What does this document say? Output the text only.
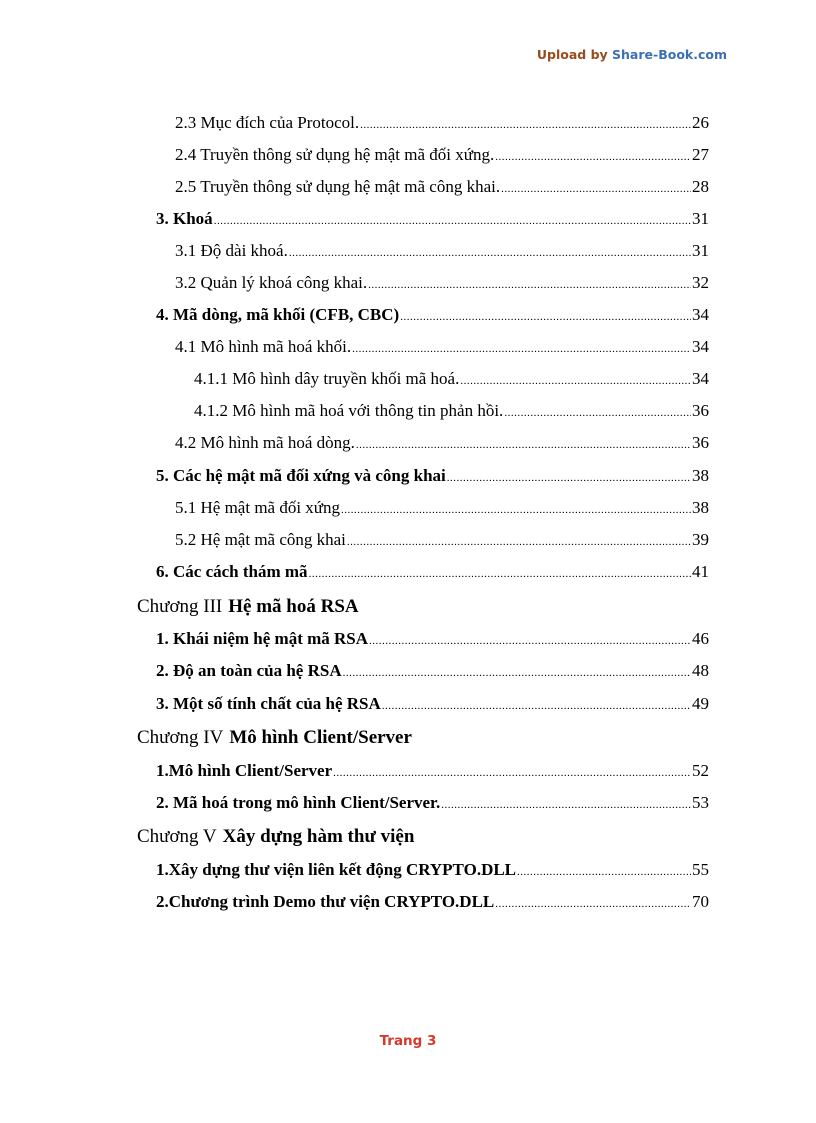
Upload by Share-Book.com
2.3 Mục đích của Protocol. .....	26
2.4 Truyền thông sử dụng hệ mật mã đối xứng. .....	27
2.5 Truyền thông sử dụng hệ mật mã công khai. .....	28
3. Khoá .....	31
3.1 Độ dài khoá. .....	31
3.2 Quản lý khoá công khai. .....	32
4. Mã dòng, mã khối (CFB, CBC) .....	34
4.1 Mô hình mã hoá khối. .....	34
4.1.1 Mô hình dây truyền khối mã hoá. .....	34
4.1.2 Mô hình mã hoá với thông tin phản hồi. .....	36
4.2 Mô hình mã hoá dòng. .....	36
5. Các hệ mật mã đối xứng và công khai .....	38
5.1 Hệ mật mã đối xứng .....	38
5.2 Hệ mật mã công khai .....	39
6. Các cách thám mã .....	41
Chương III Hệ mã hoá RSA
1. Khái niệm hệ mật mã RSA .....	46
2. Độ an toàn của hệ RSA .....	48
3. Một số tính chất của hệ RSA .....	49
Chương IV Mô hình Client/Server
1.Mô hình Client/Server .....	52
2. Mã hoá trong mô hình Client/Server. .....	53
Chương V Xây dựng hàm thư viện
1.Xây dựng thư viện liên kết động CRYPTO.DLL .....	55
2.Chương trình Demo thư viện CRYPTO.DLL .....	70
Trang 3
